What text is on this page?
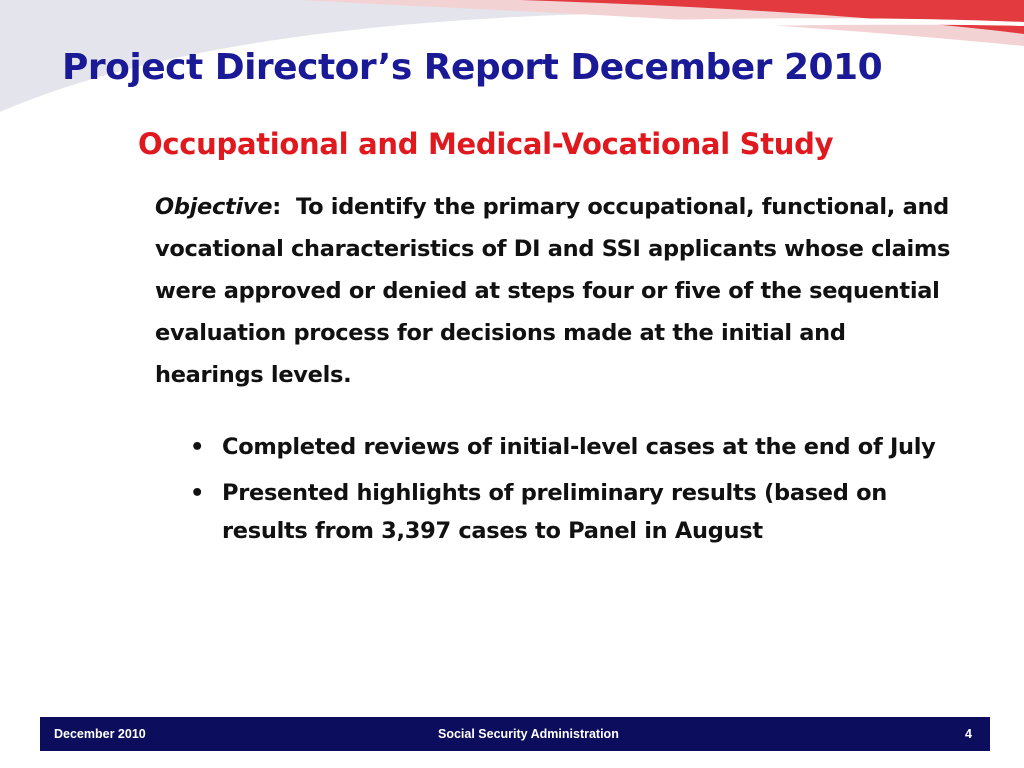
Project Director’s Report December 2010
Occupational and Medical-Vocational Study

Objective: To identify the primary occupational, functional, and vocational characteristics of DI and SSI applicants whose claims were approved or denied at steps four or five of the sequential evaluation process for decisions made at the initial and hearings levels.

• Completed reviews of initial-level cases at the end of July
• Presented highlights of preliminary results (based on results from 3,397 cases to Panel in August
December 2010	Social Security Administration	4
